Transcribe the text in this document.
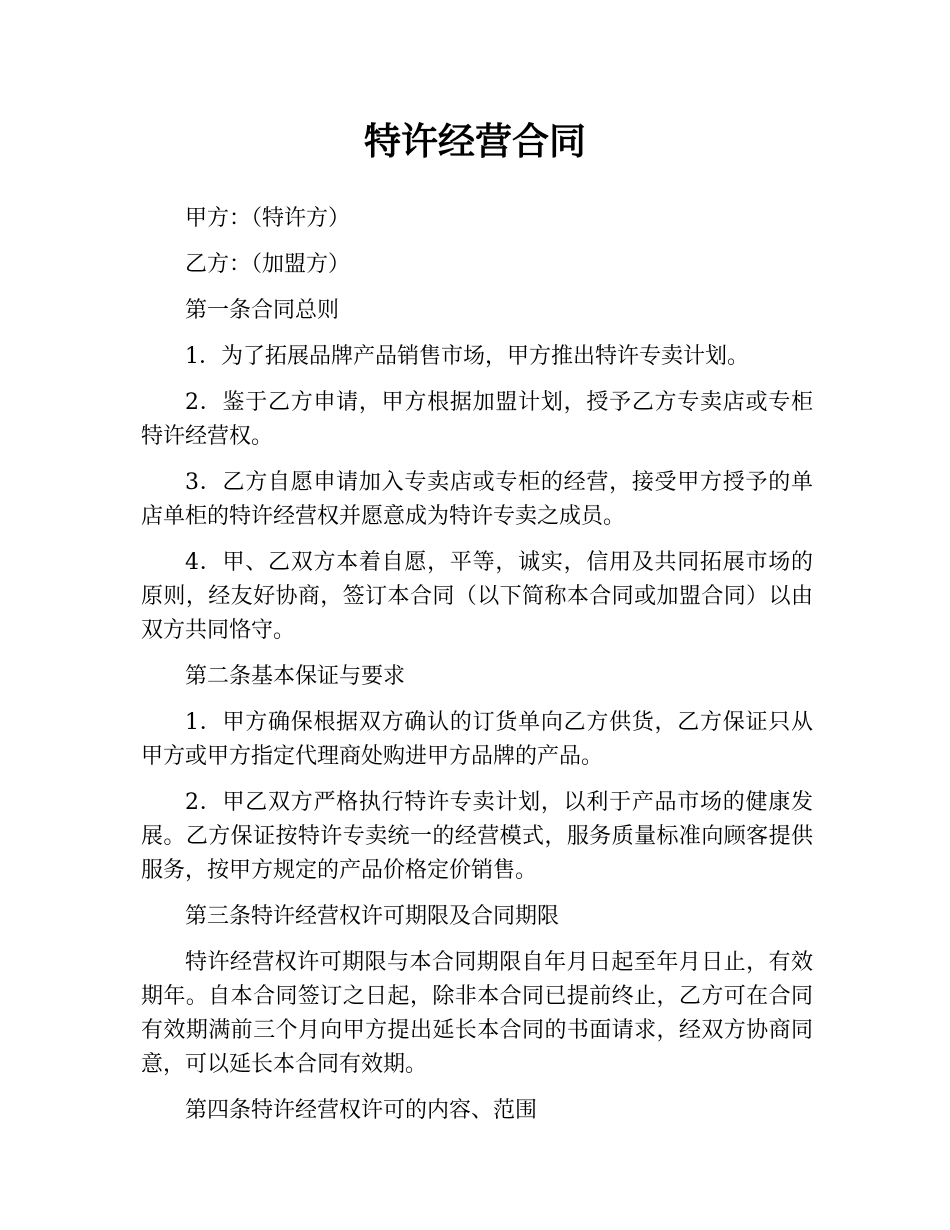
特许经营合同

甲方：（特许方）

乙方：（加盟方）

第一条合同总则

1．为了拓展品牌产品销售市场，甲方推出特许专卖计划。

2．鉴于乙方申请，甲方根据加盟计划，授予乙方专卖店或专柜特许经营权。

3．乙方自愿申请加入专卖店或专柜的经营，接受甲方授予的单店单柜的特许经营权并愿意成为特许专卖之成员。

4．甲、乙双方本着自愿，平等，诚实，信用及共同拓展市场的原则，经友好协商，签订本合同（以下简称本合同或加盟合同）以由双方共同恪守。

第二条基本保证与要求

1．甲方确保根据双方确认的订货单向乙方供货，乙方保证只从甲方或甲方指定代理商处购进甲方品牌的产品。

2．甲乙双方严格执行特许专卖计划，以利于产品市场的健康发展。乙方保证按特许专卖统一的经营模式，服务质量标准向顾客提供服务，按甲方规定的产品价格定价销售。

第三条特许经营权许可期限及合同期限

特许经营权许可期限与本合同期限自年月日起至年月日止，有效期年。自本合同签订之日起，除非本合同已提前终止，乙方可在合同有效期满前三个月向甲方提出延长本合同的书面请求，经双方协商同意，可以延长本合同有效期。

第四条特许经营权许可的内容、范围
